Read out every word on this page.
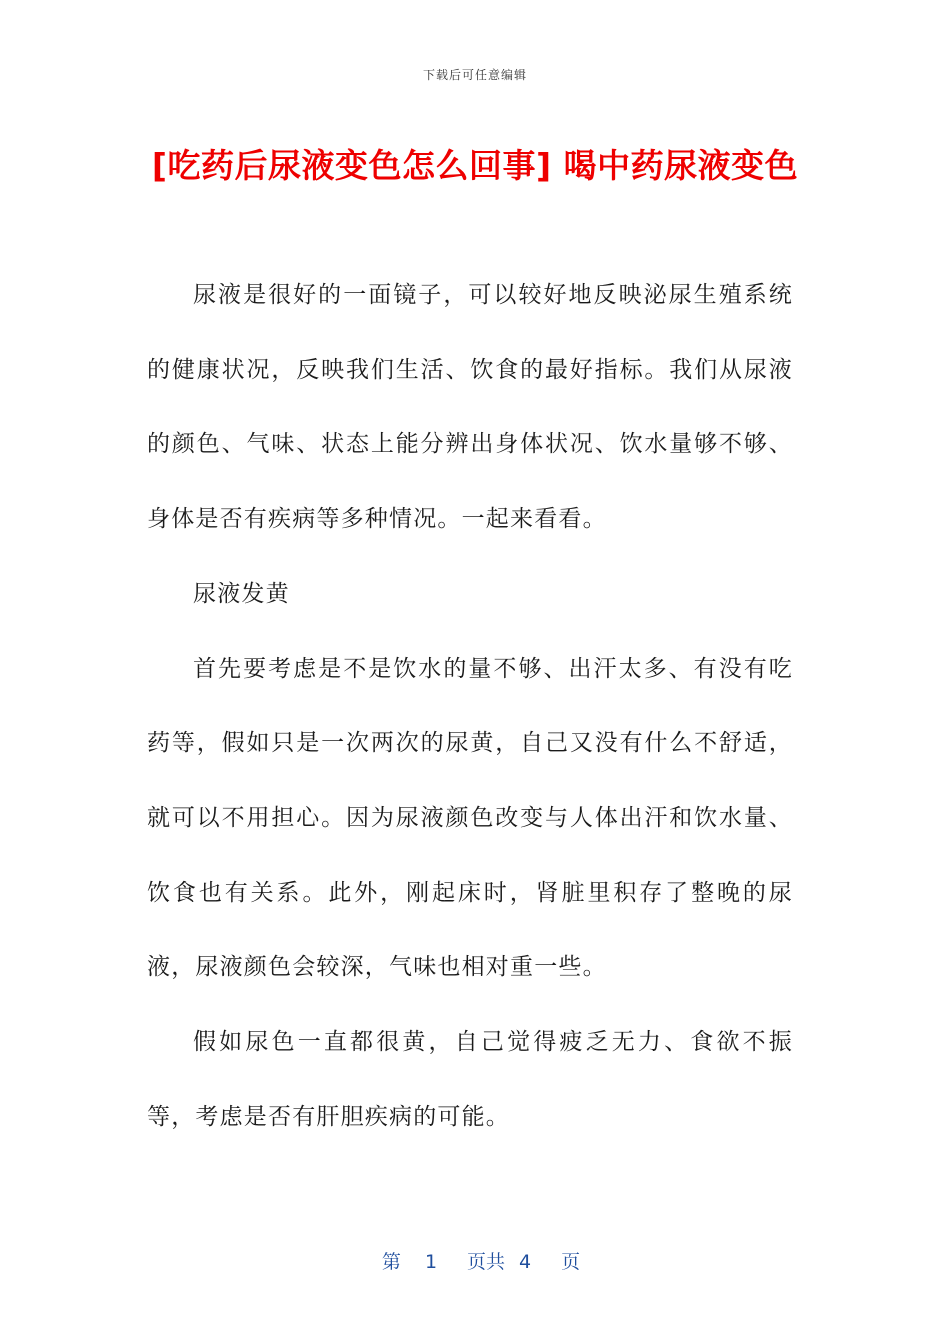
下载后可任意编辑
[吃药后尿液变色怎么回事] 喝中药尿液变色

尿液是很好的一面镜子，可以较好地反映泌尿生殖系统的健康状况，反映我们生活、饮食的最好指标。我们从尿液的颜色、气味、状态上能分辨出身体状况、饮水量够不够、身体是否有疾病等多种情况。一起来看看。

尿液发黄

首先要考虑是不是饮水的量不够、出汗太多、有没有吃药等，假如只是一次两次的尿黄，自己又没有什么不舒适，就可以不用担心。因为尿液颜色改变与人体出汗和饮水量、饮食也有关系。此外，刚起床时，肾脏里积存了整晚的尿液，尿液颜色会较深，气味也相对重一些。

假如尿色一直都很黄，自己觉得疲乏无力、食欲不振等，考虑是否有肝胆疾病的可能。

第 1 页共 4 页
